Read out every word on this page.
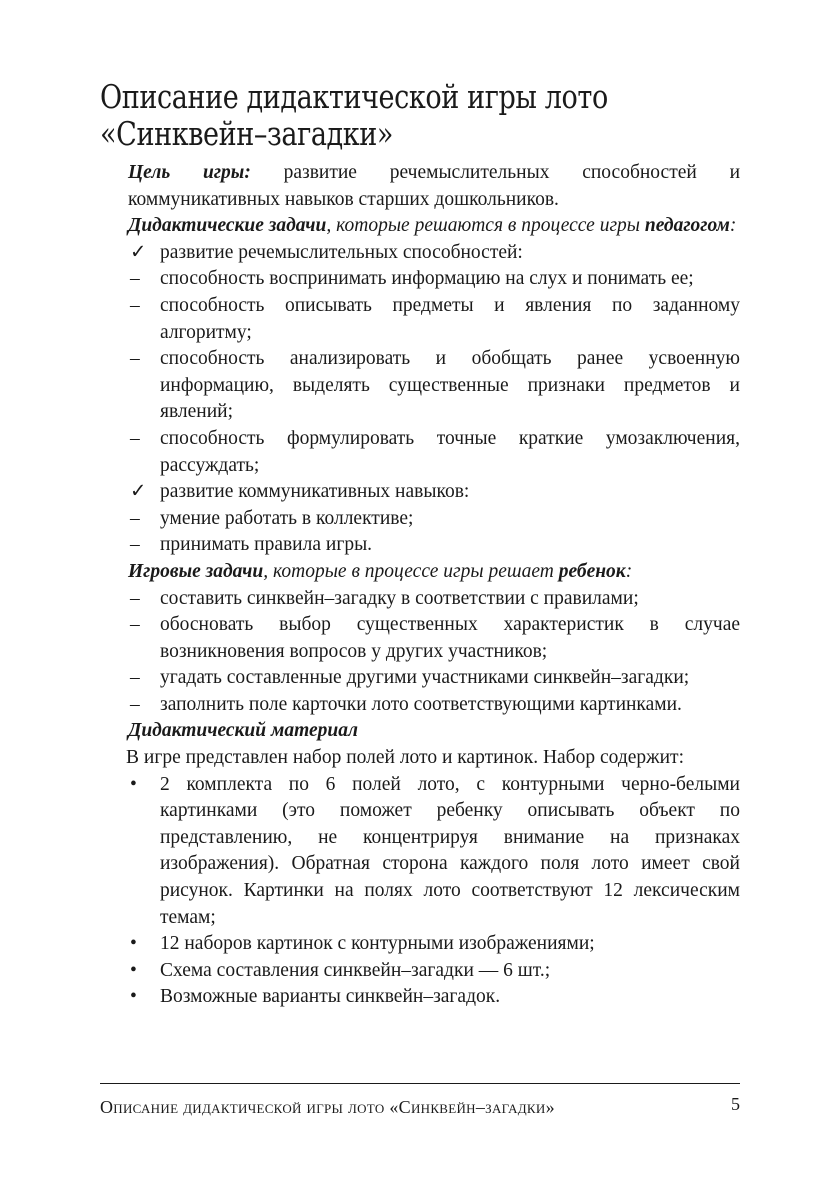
Описание дидактической игры лото
«Синквейн–загадки»

Цель игры: развитие речемыслительных способностей и коммуникативных навыков старших дошкольников.

Дидактические задачи, которые решаются в процессе игры педагогом:

✓ развитие речемыслительных способностей:
–	способность воспринимать информацию на слух и понимать ее;
–	способность описывать предметы и явления по заданному алгоритму;
–	способность анализировать и обобщать ранее усвоенную информацию, выделять существенные признаки предметов и явлений;
–	способность формулировать точные краткие умозаключения, рассуждать;
✓ развитие коммуникативных навыков:
–	умение работать в коллективе;
–	принимать правила игры.

Игровые задачи, которые в процессе игры решает ребенок:

–	составить синквейн–загадку в соответствии с правилами;
–	обосновать выбор существенных характеристик в случае возникновения вопросов у других участников;
–	угадать составленные другими участниками синквейн–загадки;
–	заполнить поле карточки лото соответствующими картинками.

Дидактический материал

В игре представлен набор полей лото и картинок. Набор содержит:

•	2 комплекта по 6 полей лото, с контурными черно-белыми картинками (это поможет ребенку описывать объект по представлению, не концентрируя внимание на признаках изображения). Обратная сторона каждого поля лото имеет свой рисунок. Картинки на полях лото соответствуют 12 лексическим темам;
•	12 наборов картинок с контурными изображениями;
•	Схема составления синквейн–загадки — 6 шт.;
•	Возможные варианты синквейн–загадок.
Описание дидактической игры лото «Синквейн–загадки»	5
